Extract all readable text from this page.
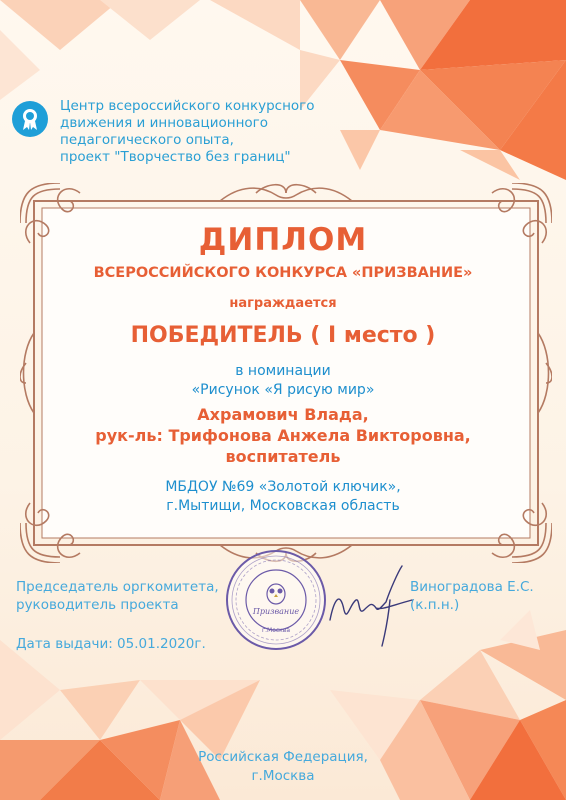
Центр всероссийского конкурсного
движения и инновационного
педагогического опыта,
проект "Творчество без границ"
ДИПЛОМ
ВСЕРОССИЙСКОГО КОНКУРСА «ПРИЗВАНИЕ»
награждается
ПОБЕДИТЕЛЬ ( I место )
в номинации
«Рисунок «Я рисую мир»
Ахрамович Влада,
рук-ль: Трифонова Анжела Викторовна,
воспитатель
МБДОУ №69 «Золотой ключик»,
г.Мытищи, Московская область
Призвание
г.Москва
Председатель оргкомитета,
руководитель проекта
Виноградова Е.С.
(к.п.н.)
Дата выдачи: 05.01.2020г.
Российская Федерация,
г.Москва
